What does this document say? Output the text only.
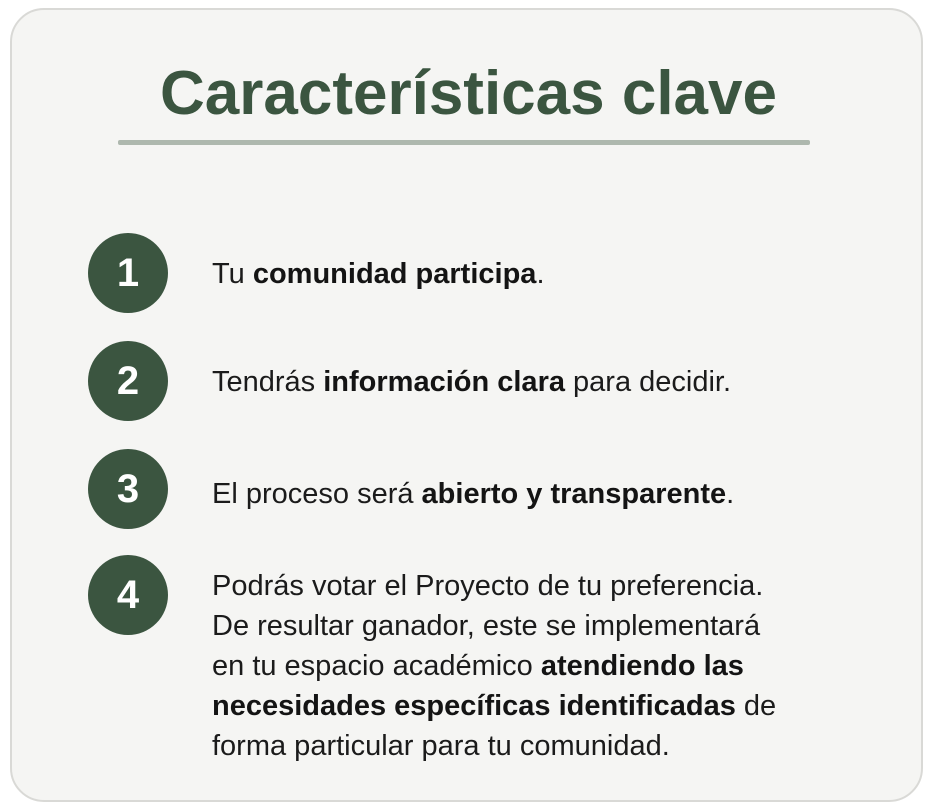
Características clave
1	Tu comunidad participa.
2	Tendrás información clara para decidir.
3	El proceso será abierto y transparente.
4	Podrás votar el Proyecto de tu preferencia.
De resultar ganador, este se implementará
en tu espacio académico atendiendo las
necesidades específicas identificadas de
forma particular para tu comunidad.
